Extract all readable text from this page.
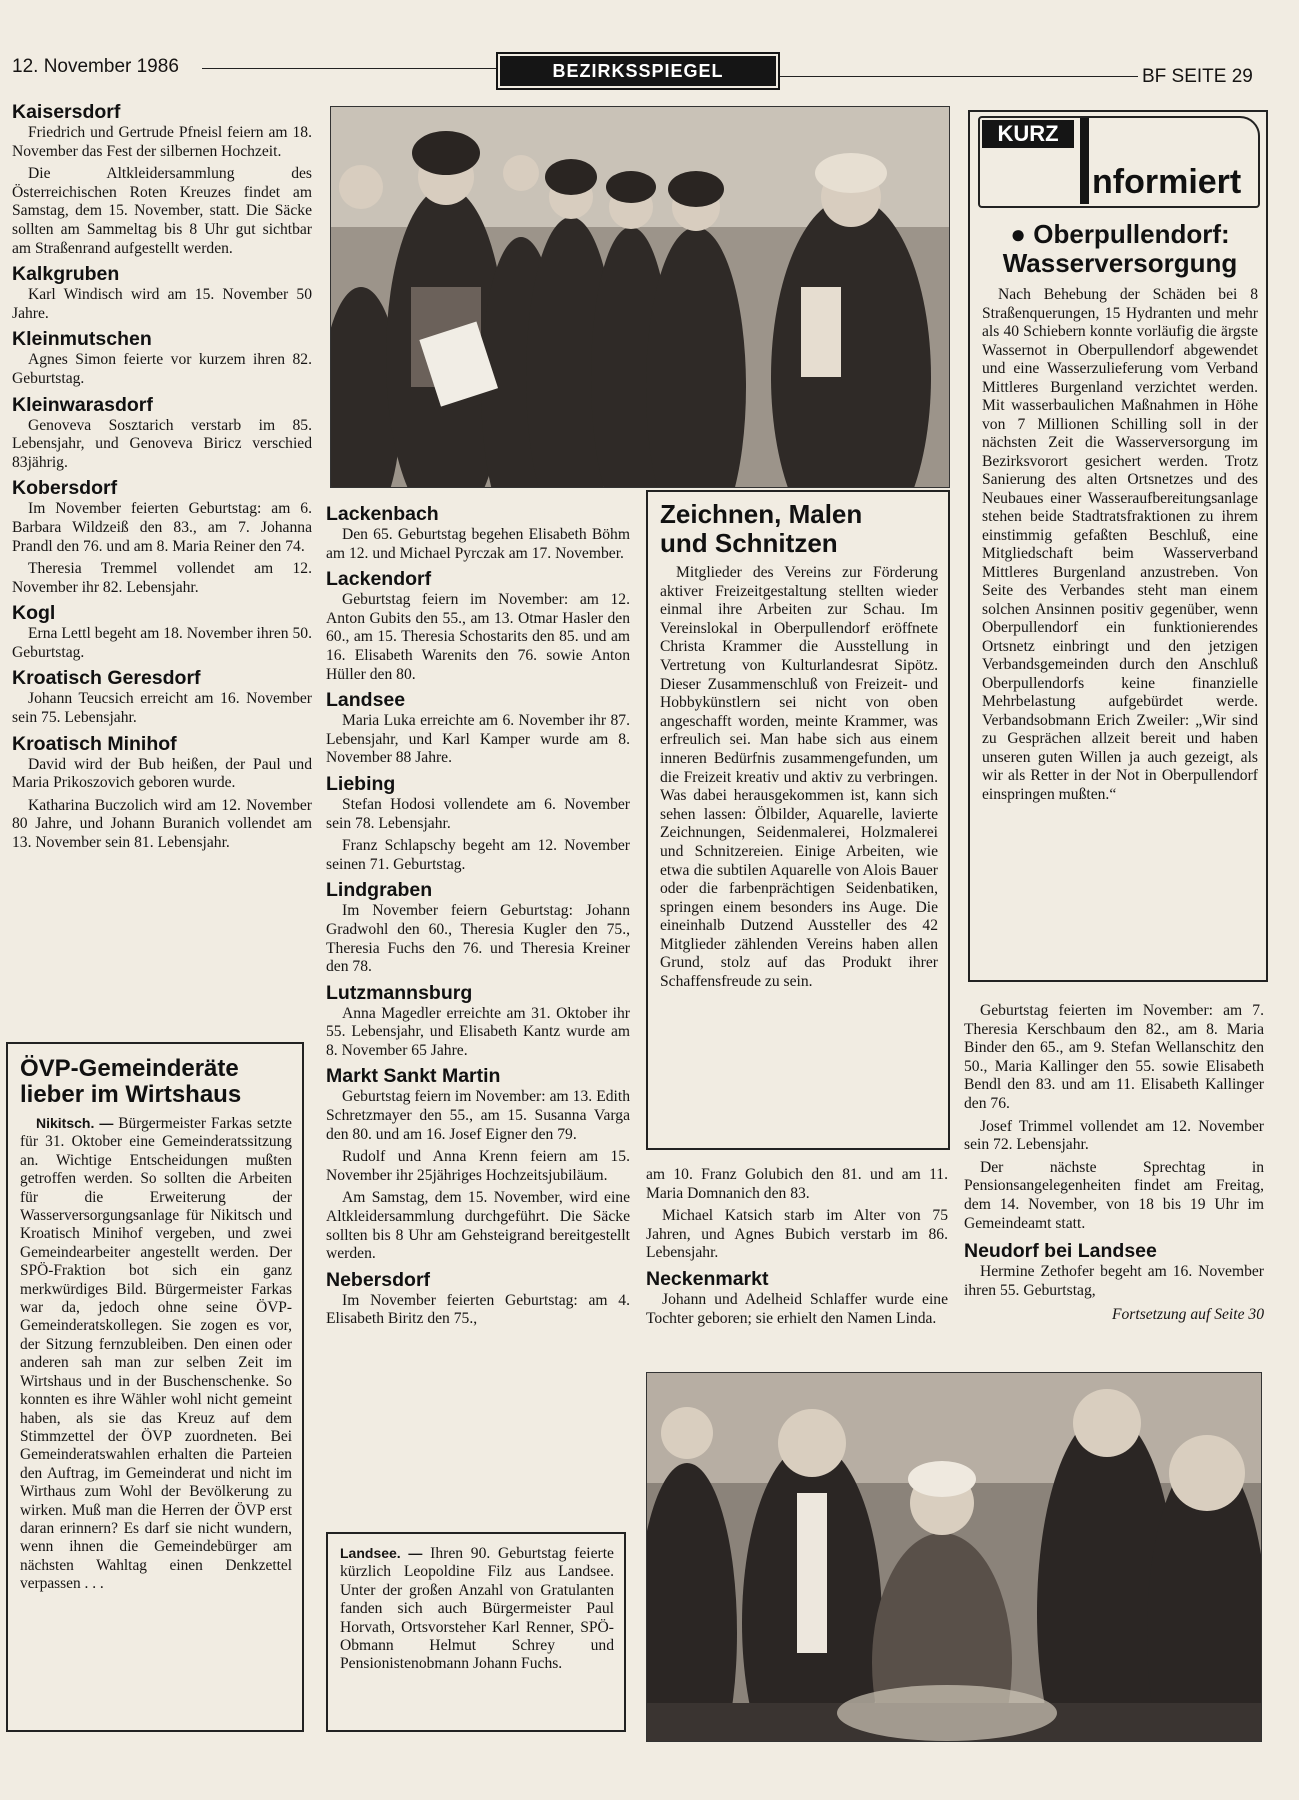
12. November 1986	BEZIRKSSPIEGEL	BF SEITE 29
Kaisersdorf

Friedrich und Gertrude Pfneisl feiern am 18. November das Fest der silbernen Hochzeit.

Die Altkleidersammlung des Österreichischen Roten Kreuzes findet am Samstag, dem 15. November, statt. Die Säcke sollten am Sammeltag bis 8 Uhr gut sichtbar am Straßenrand aufgestellt werden.

Kalkgruben

Karl Windisch wird am 15. November 50 Jahre.

Kleinmutschen

Agnes Simon feierte vor kurzem ihren 82. Geburtstag.

Kleinwarasdorf

Genoveva Sosztarich verstarb im 85. Lebensjahr, und Genoveva Biricz verschied 83jährig.

Kobersdorf

Im November feierten Geburtstag: am 6. Barbara Wildzeiß den 83., am 7. Johanna Prandl den 76. und am 8. Maria Reiner den 74.

Theresia Tremmel vollendet am 12. November ihr 82. Lebensjahr.

Kogl

Erna Lettl begeht am 18. November ihren 50. Geburtstag.

Kroatisch Geresdorf

Johann Teucsich erreicht am 16. November sein 75. Lebensjahr.

Kroatisch Minihof

David wird der Bub heißen, der Paul und Maria Prikoszovich geboren wurde.

Katharina Buczolich wird am 12. November 80 Jahre, und Johann Buranich vollendet am 13. November sein 81. Lebensjahr.

ÖVP-Gemeinderäte
lieber im Wirtshaus

Nikitsch. — Bürgermeister Farkas setzte für 31. Oktober eine Gemeinderatssitzung an. Wichtige Entscheidungen mußten getroffen werden. So sollten die Arbeiten für die Erweiterung der Wasserversorgungsanlage für Nikitsch und Kroatisch Minihof vergeben, und zwei Gemeindearbeiter angestellt werden. Der SPÖ-Fraktion bot sich ein ganz merkwürdiges Bild. Bürgermeister Farkas war da, jedoch ohne seine ÖVP-Gemeinderatskollegen. Sie zogen es vor, der Sitzung fernzubleiben. Den einen oder anderen sah man zur selben Zeit im Wirtshaus und in der Buschenschenke. So konnten es ihre Wähler wohl nicht gemeint haben, als sie das Kreuz auf dem Stimmzettel der ÖVP zuordneten. Bei Gemeinderatswahlen erhalten die Parteien den Auftrag, im Gemeinderat und nicht im Wirthaus zum Wohl der Bevölkerung zu wirken. Muß man die Herren der ÖVP erst daran erinnern? Es darf sie nicht wundern, wenn ihnen die Gemeindebürger am nächsten Wahltag einen Denkzettel verpassen . . .

Lackenbach

Den 65. Geburtstag begehen Elisabeth Böhm am 12. und Michael Pyrczak am 17. November.

Lackendorf

Geburtstag feiern im November: am 12. Anton Gubits den 55., am 13. Otmar Hasler den 60., am 15. Theresia Schostarits den 85. und am 16. Elisabeth Warenits den 76. sowie Anton Hüller den 80.

Landsee

Maria Luka erreichte am 6. November ihr 87. Lebensjahr, und Karl Kamper wurde am 8. November 88 Jahre.

Liebing

Stefan Hodosi vollendete am 6. November sein 78. Lebensjahr.

Franz Schlapschy begeht am 12. November seinen 71. Geburtstag.

Lindgraben

Im November feiern Geburtstag: Johann Gradwohl den 60., Theresia Kugler den 75., Theresia Fuchs den 76. und Theresia Kreiner den 78.

Lutzmannsburg

Anna Magedler erreichte am 31. Oktober ihr 55. Lebensjahr, und Elisabeth Kantz wurde am 8. November 65 Jahre.

Markt Sankt Martin

Geburtstag feiern im November: am 13. Edith Schretzmayer den 55., am 15. Susanna Varga den 80. und am 16. Josef Eigner den 79.

Rudolf und Anna Krenn feiern am 15. November ihr 25jähriges Hochzeitsjubiläum.

Am Samstag, dem 15. November, wird eine Altkleidersammlung durchgeführt. Die Säcke sollten bis 8 Uhr am Gehsteigrand bereitgestellt werden.

Nebersdorf

Im November feierten Geburtstag: am 4. Elisabeth Biritz den 75.,

Landsee. — Ihren 90. Geburtstag feierte kürzlich Leopoldine Filz aus Landsee. Unter der großen Anzahl von Gratulanten fanden sich auch Bürgermeister Paul Horvath, Ortsvorsteher Karl Renner, SPÖ-Obmann Helmut Schrey und Pensionistenobmann Johann Fuchs.

Zeichnen, Malen
und Schnitzen

Mitglieder des Vereins zur Förderung aktiver Freizeitgestaltung stellten wieder einmal ihre Arbeiten zur Schau. Im Vereinslokal in Oberpullendorf eröffnete Christa Krammer die Ausstellung in Vertretung von Kulturlandesrat Sipötz. Dieser Zusammenschluß von Freizeit- und Hobbykünstlern sei nicht von oben angeschafft worden, meinte Krammer, was erfreulich sei. Man habe sich aus einem inneren Bedürfnis zusammengefunden, um die Freizeit kreativ und aktiv zu verbringen. Was dabei herausgekommen ist, kann sich sehen lassen: Ölbilder, Aquarelle, lavierte Zeichnungen, Seidenmalerei, Holzmalerei und Schnitzereien. Einige Arbeiten, wie etwa die subtilen Aquarelle von Alois Bauer oder die farbenprächtigen Seidenbatiken, springen einem besonders ins Auge. Die eineinhalb Dutzend Aussteller des 42 Mitglieder zählenden Vereins haben allen Grund, stolz auf das Produkt ihrer Schaffensfreude zu sein.

am 10. Franz Golubich den 81. und am 11. Maria Domnanich den 83.

Michael Katsich starb im Alter von 75 Jahren, und Agnes Bubich verstarb im 86. Lebensjahr.

Neckenmarkt

Johann und Adelheid Schlaffer wurde eine Tochter geboren; sie erhielt den Namen Linda.

KURZ
nformiert
● Oberpullendorf:
Wasserversorgung

Nach Behebung der Schäden bei 8 Straßenquerungen, 15 Hydranten und mehr als 40 Schiebern konnte vorläufig die ärgste Wassernot in Oberpullendorf abgewendet und eine Wasserzulieferung vom Verband Mittleres Burgenland verzichtet werden. Mit wasserbaulichen Maßnahmen in Höhe von 7 Millionen Schilling soll in der nächsten Zeit die Wasserversorgung im Bezirksvorort gesichert werden. Trotz Sanierung des alten Ortsnetzes und des Neubaues einer Wasseraufbereitungsanlage stehen beide Stadtratsfraktionen zu ihrem einstimmig gefaßten Beschluß, eine Mitgliedschaft beim Wasserverband Mittleres Burgenland anzustreben. Von Seite des Verbandes steht man einem solchen Ansinnen positiv gegenüber, wenn Oberpullendorf ein funktionierendes Ortsnetz einbringt und den jetzigen Verbandsgemeinden durch den Anschluß Oberpullendorfs keine finanzielle Mehrbelastung aufgebürdet werde. Verbandsobmann Erich Zweiler: „Wir sind zu Gesprächen allzeit bereit und haben unseren guten Willen ja auch gezeigt, als wir als Retter in der Not in Oberpullendorf einspringen mußten.“

Geburtstag feierten im November: am 7. Theresia Kerschbaum den 82., am 8. Maria Binder den 65., am 9. Stefan Wellanschitz den 50., Maria Kallinger den 55. sowie Elisabeth Bendl den 83. und am 11. Elisabeth Kallinger den 76.

Josef Trimmel vollendet am 12. November sein 72. Lebensjahr.

Der nächste Sprechtag in Pensionsangelegenheiten findet am Freitag, dem 14. November, von 18 bis 19 Uhr im Gemeindeamt statt.

Neudorf bei Landsee

Hermine Zethofer begeht am 16. November ihren 55. Geburtstag,

Fortsetzung auf Seite 30
